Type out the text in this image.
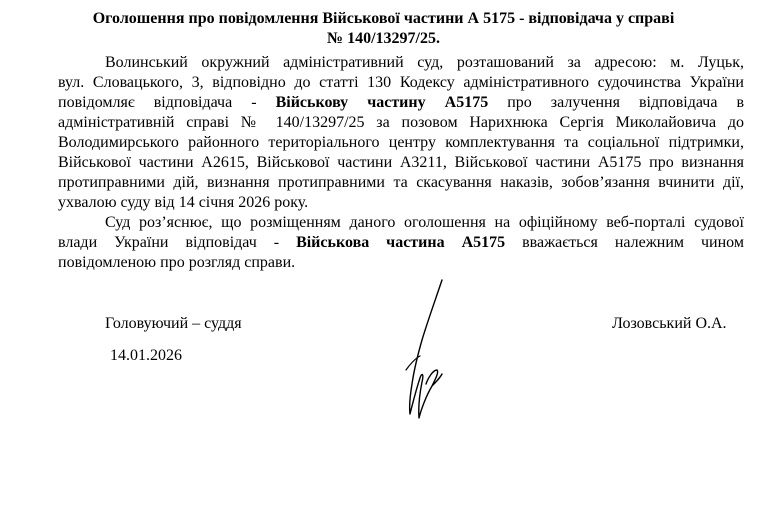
Оголошення про повідомлення Військової частини А 5175 - відповідача у справі
№ 140/13297/25.
Волинський окружний адміністративний суд, розташований за адресою: м. Луцьк,
вул. Словацького, 3, відповідно до статті 130 Кодексу адміністративного судочинства України
повідомляє відповідача - Військову частину А5175 про залучення відповідача в
адміністративній справі № 140/13297/25 за позовом Нарихнюка Сергія Миколайовича до
Володимирського районного територіального центру комплектування та соціальної підтримки,
Військової частини А2615, Військової частини А3211, Військової частини А5175 про визнання
протиправними дій, визнання протиправними та скасування наказів, зобов’язання вчинити дії,
ухвалою суду від 14 січня 2026 року.
Суд роз’яснює, що розміщенням даного оголошення на офіційному веб-порталі судової
влади України відповідач - Військова частина А5175 вважається належним чином
повідомленою про розгляд справи.
Головуючий – суддя
14.01.2026
Лозовський О.А.
